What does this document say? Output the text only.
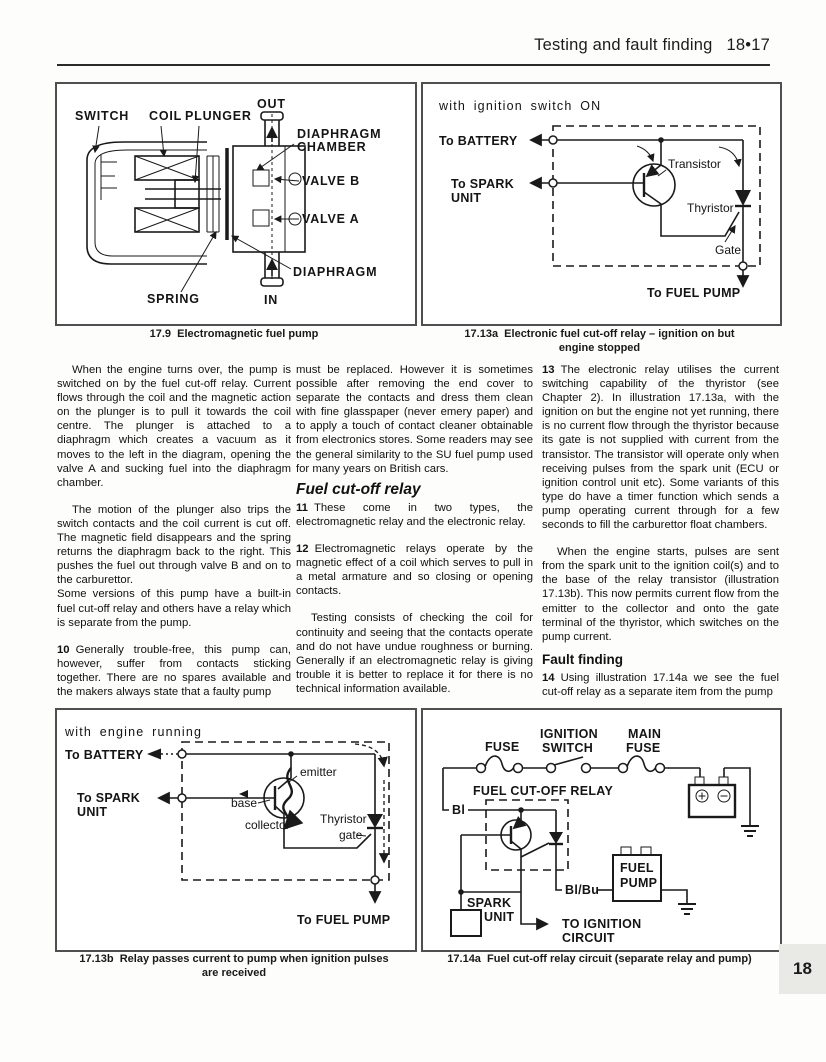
Testing and fault finding 18•17
SWITCH COIL PLUNGER
OUT
DIAPHRAGM
CHAMBER
VALVE B
VALVE A
DIAPHRAGM
SPRING	IN
with ignition switch ON
To BATTERY
To SPARK
UNIT
Transistor
Thyristor
Gate
To FUEL PUMP
with engine running
To BATTERY
To SPARK
UNIT
emitter
base
collector	Thyristor
gate
To FUEL PUMP
FUSE
IGNITION
SWITCH
MAIN
FUSE
FUEL CUT-OFF RELAY
Bl
Bl/Bu
FUEL
PUMP
SPARK
UNIT	TO IGNITION
CIRCUIT
17.9  Electromagnetic fuel pump	17.13a  Electronic fuel cut-off relay – ignition on but engine stopped
17.13b  Relay passes current to pump when ignition pulses are received
17.14a  Fuel cut-off relay circuit (separate relay and pump)

When the engine turns over, the pump is switched on by the fuel cut-off relay. Current flows through the coil and the magnetic action on the plunger is to pull it towards the coil centre. The plunger is attached to a diaphragm which creates a vacuum as it moves to the left in the diagram, opening the valve A and sucking fuel into the diaphragm chamber.

The motion of the plunger also trips the switch contacts and the coil current is cut off. The magnetic field disappears and the spring returns the diaphragm back to the right. This pushes the fuel out through valve B and on to the carburettor.

Some versions of this pump have a built-in fuel cut-off relay and others have a relay which is separate from the pump.

10 Generally trouble-free, this pump can, however, suffer from contacts sticking together. There are no spares available and the makers always state that a faulty pump

must be replaced. However it is sometimes possible after removing the end cover to separate the contacts and dress them clean with fine glasspaper (never emery paper) and to apply a touch of contact cleaner obtainable from electronics stores. Some readers may see the general similarity to the SU fuel pump used for many years on British cars.

Fuel cut-off relay

11 These come in two types, the electromagnetic relay and the electronic relay.

12 Electromagnetic relays operate by the magnetic effect of a coil which serves to pull in a metal armature and so closing or opening contacts.

Testing consists of checking the coil for continuity and seeing that the contacts operate and do not have undue roughness or burning. Generally if an electromagnetic relay is giving trouble it is better to replace it for there is no technical information available.

13 The electronic relay utilises the current switching capability of the thyristor (see Chapter 2). In illustration 17.13a, with the ignition on but the engine not yet running, there is no current flow through the thyristor because its gate is not supplied with current from the transistor. The transistor will operate only when receiving pulses from the spark unit (ECU or ignition control unit etc). Some variants of this type do have a timer function which sends a pump operating current through for a few seconds to fill the carburettor float chambers.

When the engine starts, pulses are sent from the spark unit to the ignition coil(s) and to the base of the relay transistor (illustration 17.13b). This now permits current flow from the emitter to the collector and onto the gate terminal of the thyristor, which switches on the pump current.

Fault finding

14 Using illustration 17.14a we see the fuel cut-off relay as a separate item from the pump

18
